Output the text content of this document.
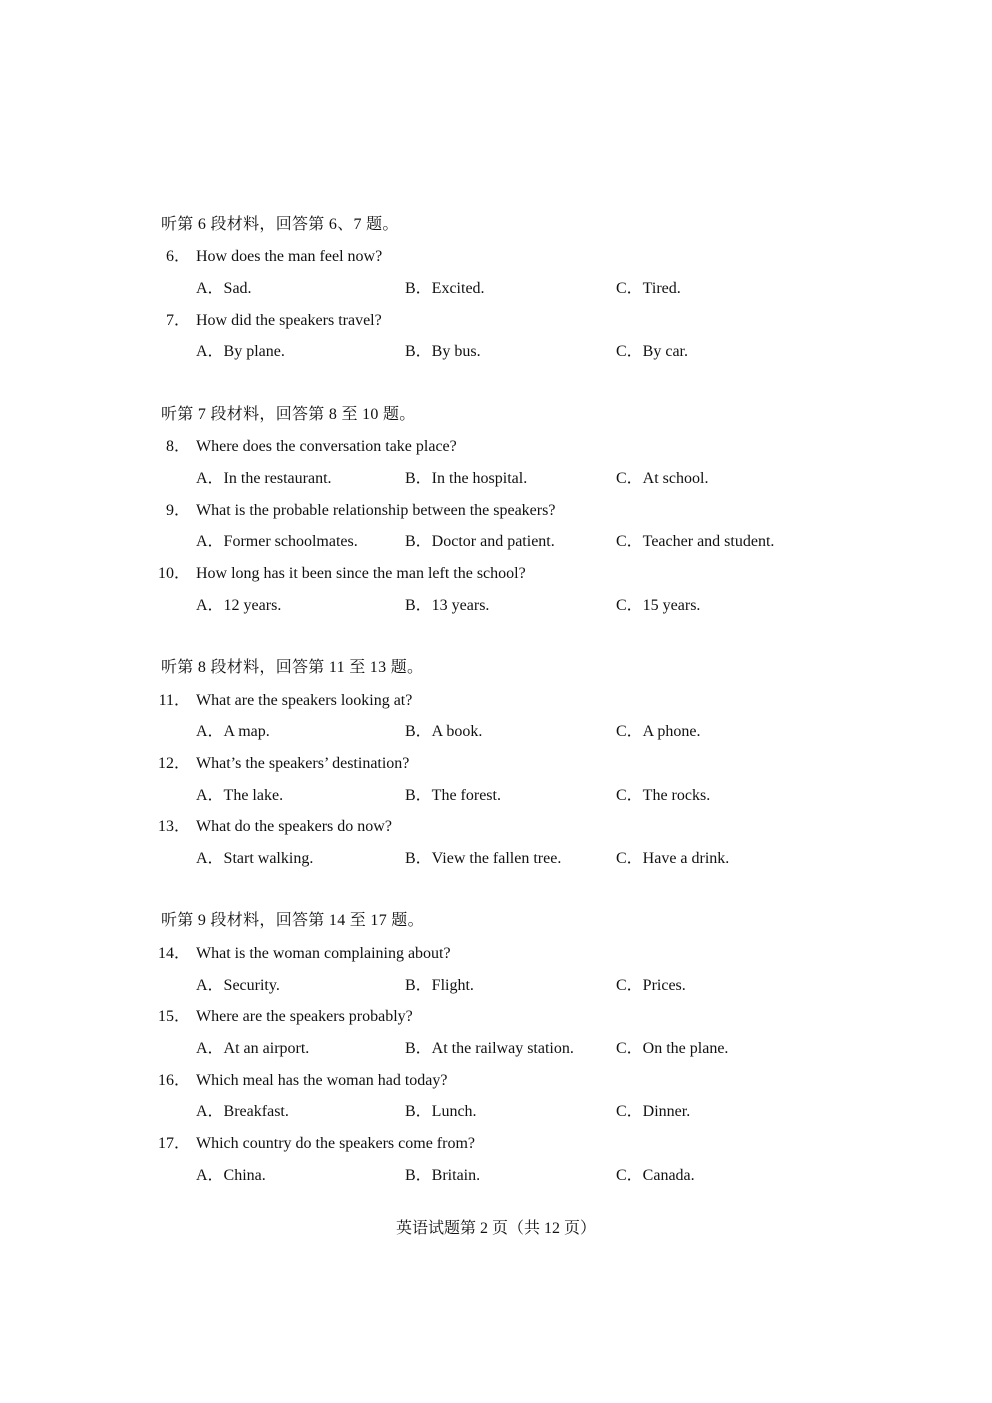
听第 6 段材料，回答第 6、7 题。
6． How does the man feel now?
A．Sad.	B．Excited.	C．Tired.
7． How did the speakers travel?
A．By plane.	B．By bus.	C．By car.
听第 7 段材料，回答第 8 至 10 题。
8． Where does the conversation take place?
A．In the restaurant.	B．In the hospital.	C．At school.
9． What is the probable relationship between the speakers?
A．Former schoolmates.	B．Doctor and patient.	C．Teacher and student.
10． How long has it been since the man left the school?
A．12 years.	B．13 years.	C．15 years.
听第 8 段材料，回答第 11 至 13 题。
11． What are the speakers looking at?
A．A map.	B．A book.	C．A phone.
12． What’s the speakers’ destination?
A．The lake.	B．The forest.	C．The rocks.
13． What do the speakers do now?
A．Start walking.	B．View the fallen tree.	C．Have a drink.
听第 9 段材料，回答第 14 至 17 题。
14． What is the woman complaining about?
A．Security.	B．Flight.	C．Prices.
15． Where are the speakers probably?
A．At an airport.	B．At the railway station.	C．On the plane.
16． Which meal has the woman had today?
A．Breakfast.	B．Lunch.	C．Dinner.
17． Which country do the speakers come from?
A．China.	B．Britain.	C．Canada.
英语试题第 2 页（共 12 页）
